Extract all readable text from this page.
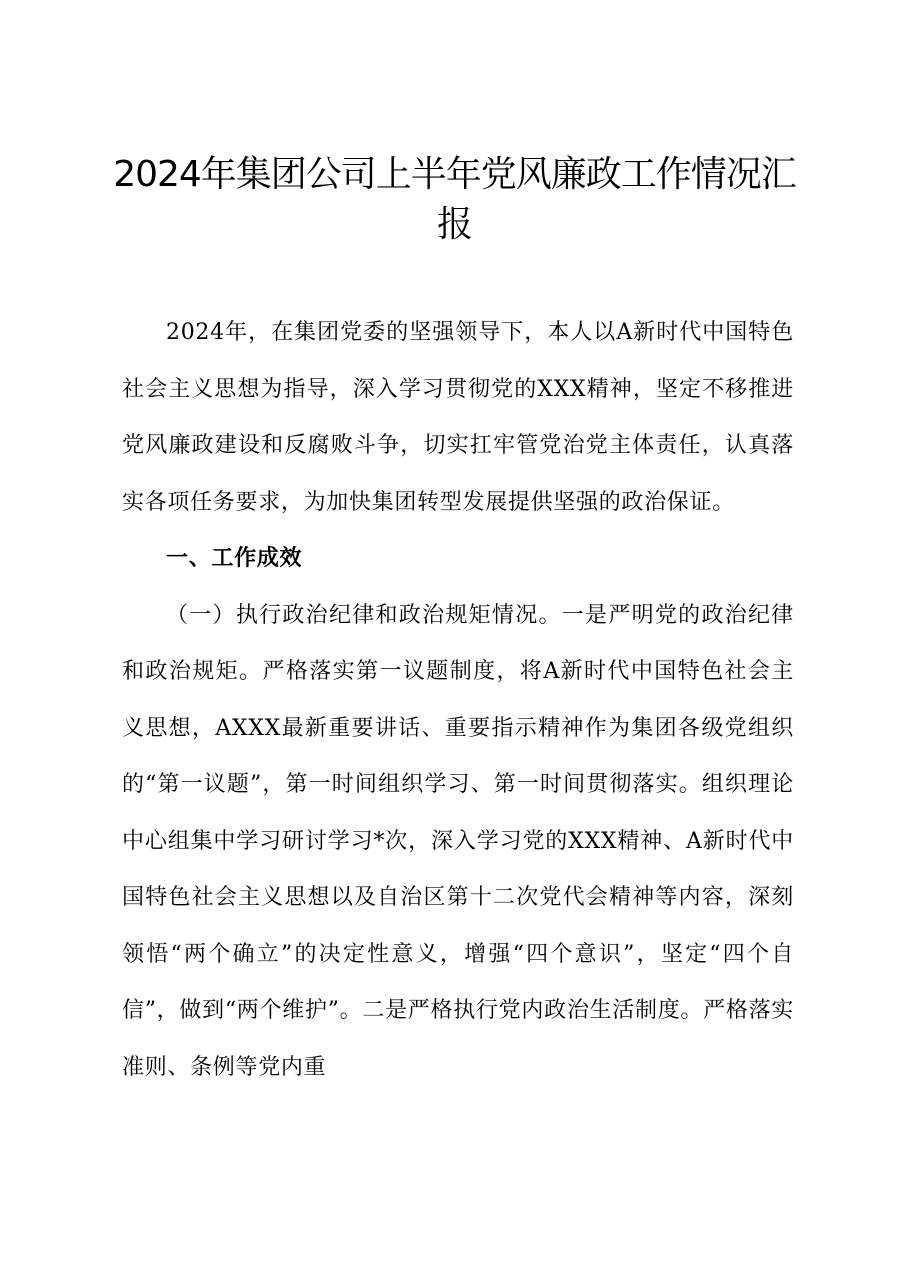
2024年集团公司上半年党风廉政工作情况汇报

2024年，在集团党委的坚强领导下，本人以A新时代中国特色社会主义思想为指导，深入学习贯彻党的XXX精神，坚定不移推进党风廉政建设和反腐败斗争，切实扛牢管党治党主体责任，认真落实各项任务要求，为加快集团转型发展提供坚强的政治保证。

一、工作成效

（一）执行政治纪律和政治规矩情况。一是严明党的政治纪律和政治规矩。严格落实第一议题制度，将A新时代中国特色社会主义思想，AXXX最新重要讲话、重要指示精神作为集团各级党组织的“第一议题”，第一时间组织学习、第一时间贯彻落实。组织理论中心组集中学习研讨学习*次，深入学习党的XXX精神、A新时代中国特色社会主义思想以及自治区第十二次党代会精神等内容，深刻领悟“两个确立”的决定性意义，增强“四个意识”，坚定“四个自信”，做到“两个维护”。二是严格执行党内政治生活制度。严格落实准则、条例等党内重
